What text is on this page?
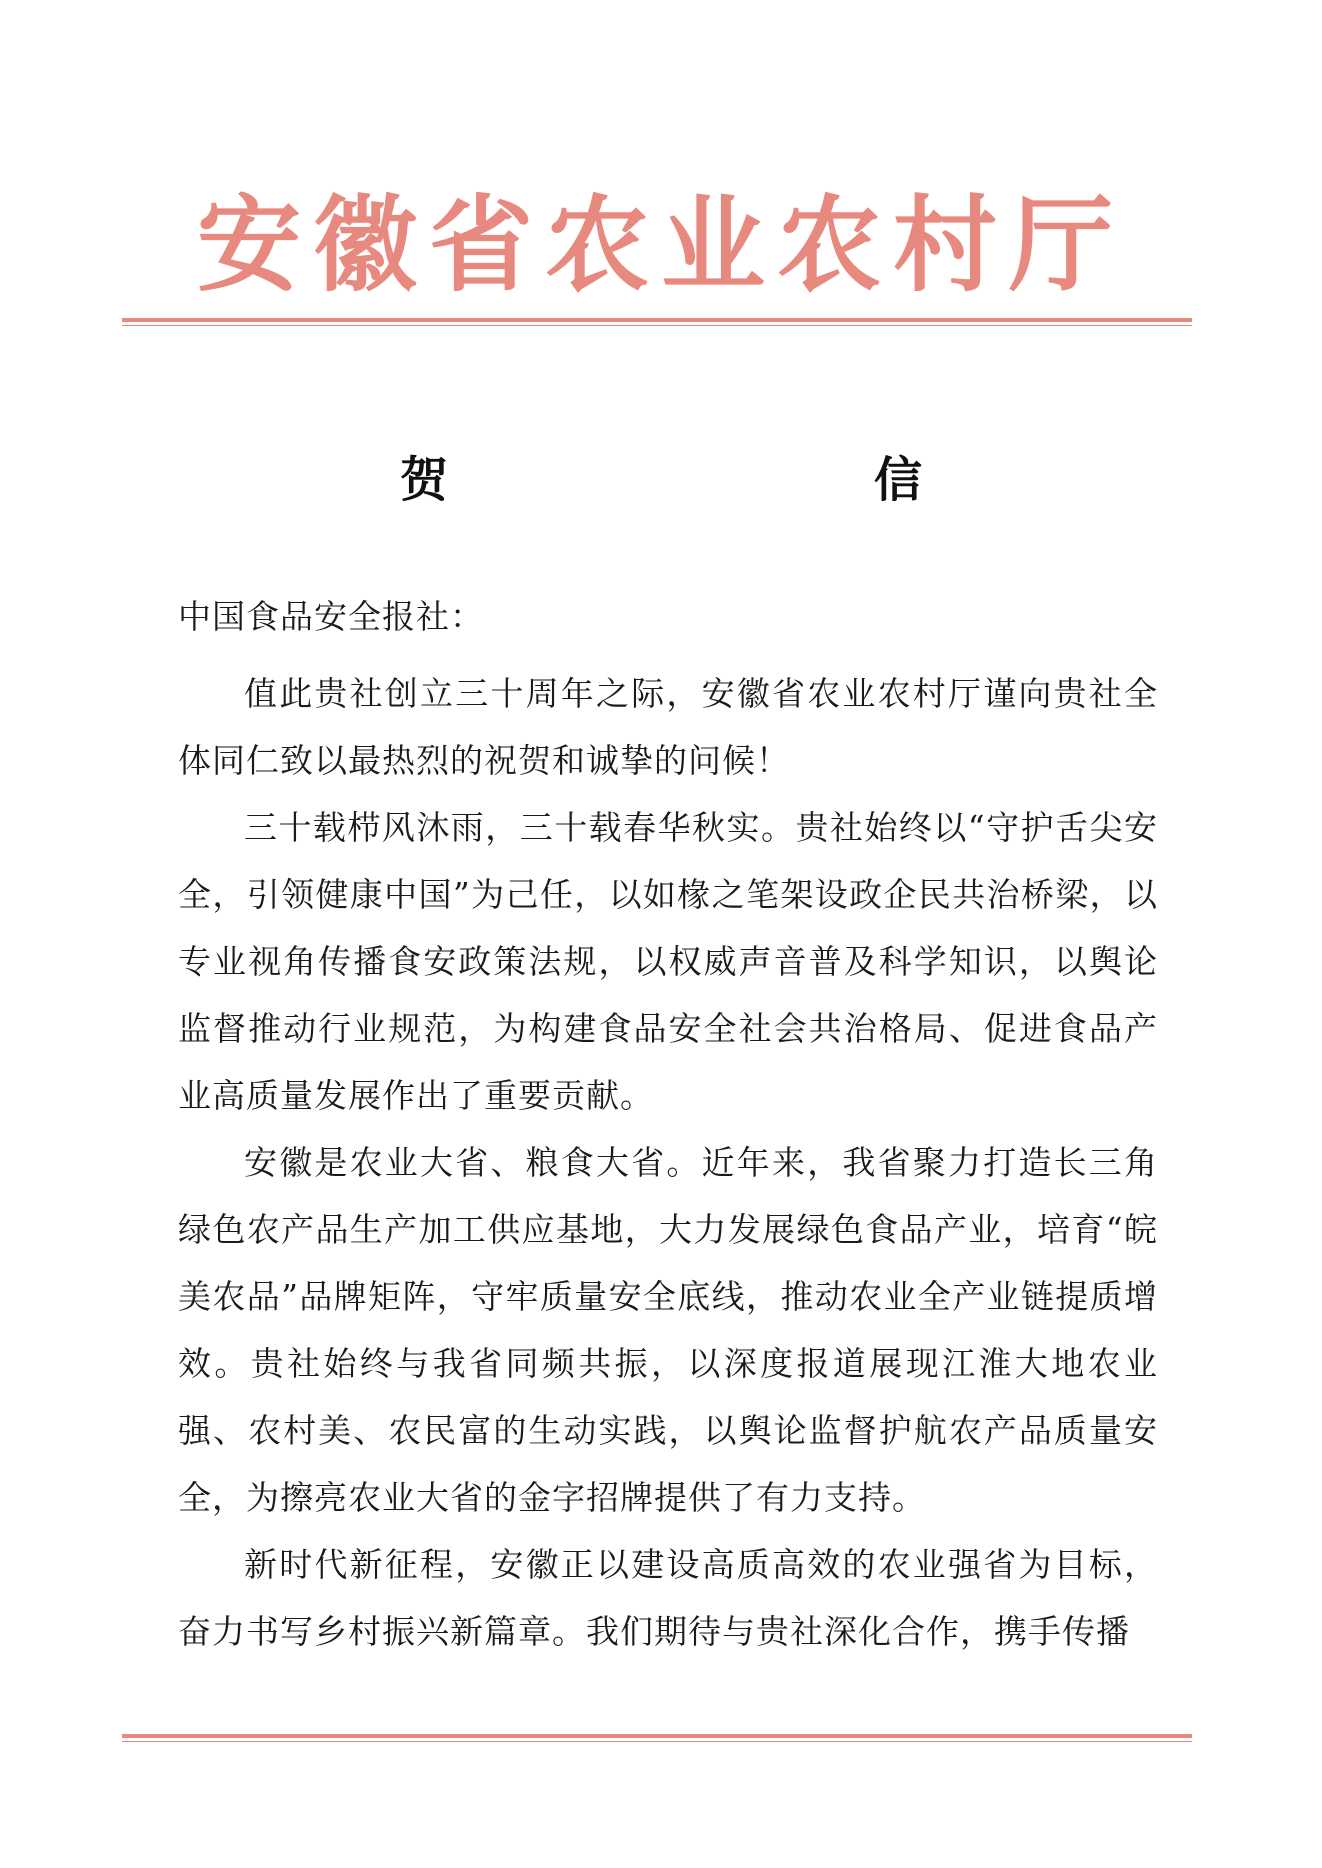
安徽省农业农村厅
贺　　信
中国食品安全报社：

值此贵社创立三十周年之际，安徽省农业农村厅谨向贵社全体同仁致以最热烈的祝贺和诚挚的问候！

三十载栉风沐雨，三十载春华秋实。贵社始终以“守护舌尖安全，引领健康中国”为己任，以如椽之笔架设政企民共治桥梁，以专业视角传播食安政策法规，以权威声音普及科学知识，以舆论监督推动行业规范，为构建食品安全社会共治格局、促进食品产业高质量发展作出了重要贡献。

安徽是农业大省、粮食大省。近年来，我省聚力打造长三角绿色农产品生产加工供应基地，大力发展绿色食品产业，培育“皖美农品”品牌矩阵，守牢质量安全底线，推动农业全产业链提质增效。贵社始终与我省同频共振，以深度报道展现江淮大地农业强、农村美、农民富的生动实践，以舆论监督护航农产品质量安全，为擦亮农业大省的金字招牌提供了有力支持。

新时代新征程，安徽正以建设高质高效的农业强省为目标，奋力书写乡村振兴新篇章。我们期待与贵社深化合作，携手传播
